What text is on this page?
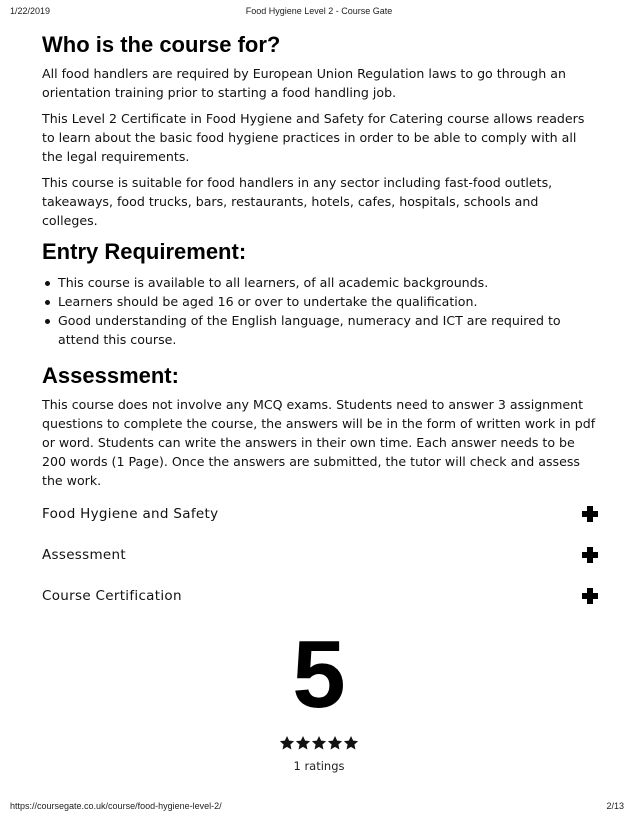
1/22/2019	Food Hygiene Level 2 - Course Gate
Who is the course for?

All food handlers are required by European Union Regulation laws to go through an orientation training prior to starting a food handling job.

This Level 2 Certificate in Food Hygiene and Safety for Catering course allows readers to learn about the basic food hygiene practices in order to be able to comply with all the legal requirements.

This course is suitable for food handlers in any sector including fast-food outlets, takeaways, food trucks, bars, restaurants, hotels, cafes, hospitals, schools and colleges.

Entry Requirement:
This course is available to all learners, of all academic backgrounds.
Learners should be aged 16 or over to undertake the qualification.
Good understanding of the English language, numeracy and ICT are required to attend this course.
Assessment:

This course does not involve any MCQ exams. Students need to answer 3 assignment questions to complete the course, the answers will be in the form of written work in pdf or word. Students can write the answers in their own time. Each answer needs to be 200 words (1 Page). Once the answers are submitted, the tutor will check and assess the work.

Food Hygiene and Safety
Assessment
Course Certification
5
1 ratings
https://coursegate.co.uk/course/food-hygiene-level-2/	2/13
